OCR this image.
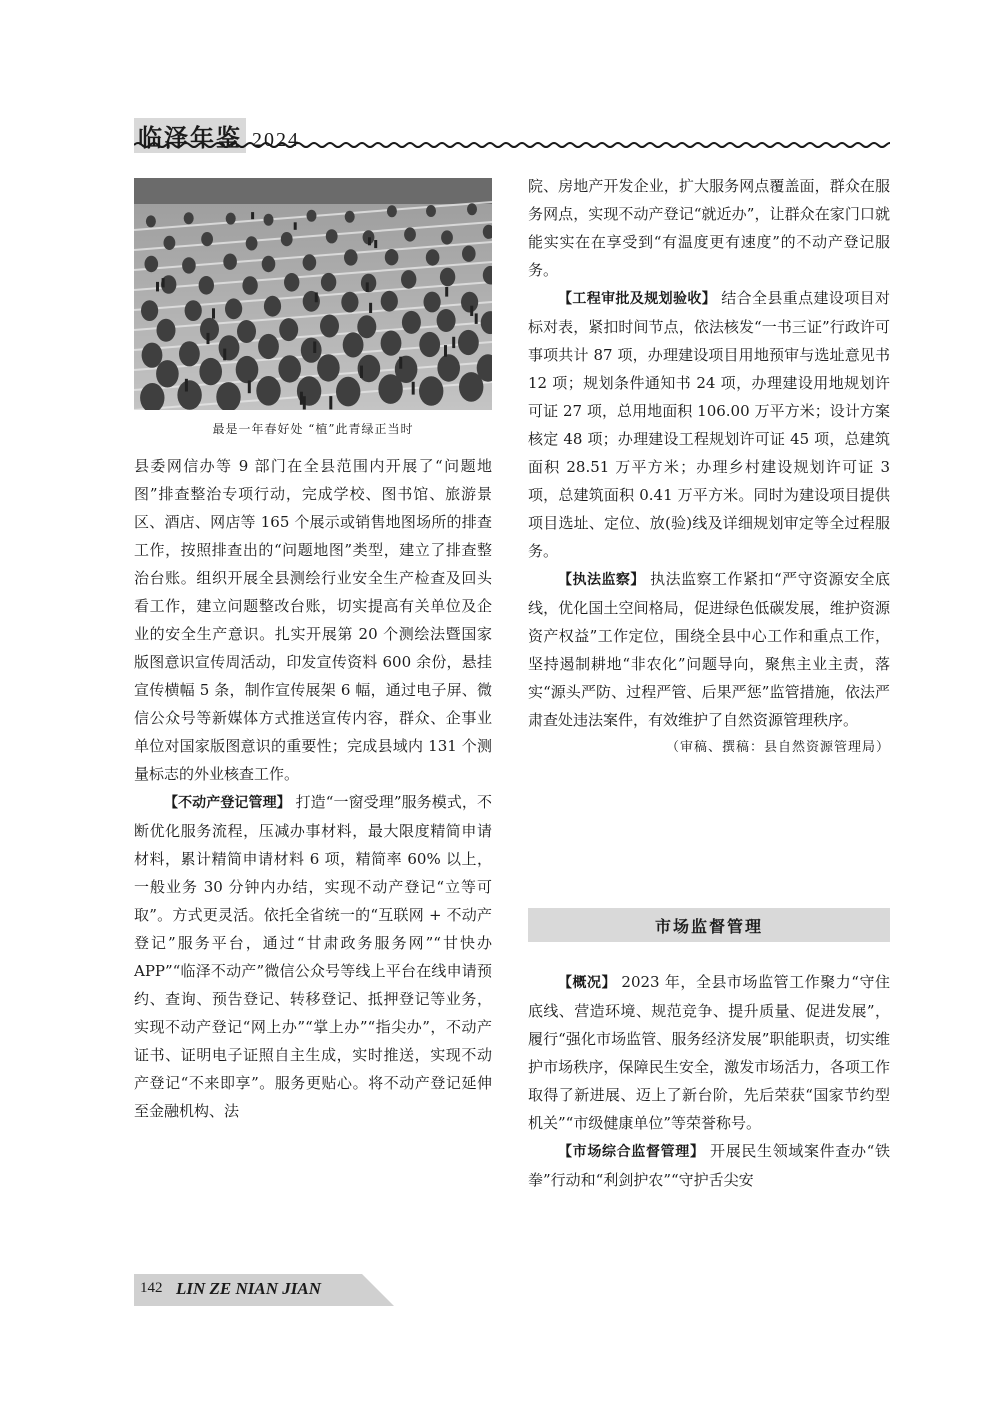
临泽年鉴 2024
最是一年春好处 “植”此青绿正当时

县委网信办等 9 部门在全县范围内开展了“问题地图”排查整治专项行动，完成学校、图书馆、旅游景区、酒店、网店等 165 个展示或销售地图场所的排查工作，按照排查出的“问题地图”类型，建立了排查整治台账。组织开展全县测绘行业安全生产检查及回头看工作，建立问题整改台账，切实提高有关单位及企业的安全生产意识。扎实开展第 20 个测绘法暨国家版图意识宣传周活动，印发宣传资料 600 余份，悬挂宣传横幅 5 条，制作宣传展架 6 幅，通过电子屏、微信公众号等新媒体方式推送宣传内容，群众、企事业单位对国家版图意识的重要性；完成县域内 131 个测量标志的外业核查工作。

【不动产登记管理】 打造“一窗受理”服务模式，不断优化服务流程，压减办事材料，最大限度精简申请材料，累计精简申请材料 6 项，精简率 60% 以上，一般业务 30 分钟内办结，实现不动产登记“立等可取”。方式更灵活。依托全省统一的“互联网 + 不动产登记”服务平台，通过“甘肃政务服务网”“甘快办 APP”“临泽不动产”微信公众号等线上平台在线申请预约、查询、预告登记、转移登记、抵押登记等业务，实现不动产登记“网上办”“掌上办”“指尖办”，不动产证书、证明电子证照自主生成，实时推送，实现不动产登记“不来即享”。服务更贴心。将不动产登记延伸至金融机构、法

院、房地产开发企业，扩大服务网点覆盖面，群众在服务网点，实现不动产登记“就近办”，让群众在家门口就能实实在在享受到“有温度更有速度”的不动产登记服务。

【工程审批及规划验收】 结合全县重点建设项目对标对表，紧扣时间节点，依法核发“一书三证”行政许可事项共计 87 项，办理建设项目用地预审与选址意见书 12 项；规划条件通知书 24 项，办理建设用地规划许可证 27 项，总用地面积 106.00 万平方米；设计方案核定 48 项；办理建设工程规划许可证 45 项，总建筑面积 28.51 万平方米；办理乡村建设规划许可证 3 项，总建筑面积 0.41 万平方米。同时为建设项目提供项目选址、定位、放(验)线及详细规划审定等全过程服务。

【执法监察】 执法监察工作紧扣“严守资源安全底线，优化国土空间格局，促进绿色低碳发展，维护资源资产权益”工作定位，围绕全县中心工作和重点工作，坚持遏制耕地“非农化”问题导向，聚焦主业主责，落实“源头严防、过程严管、后果严惩”监管措施，依法严肃查处违法案件，有效维护了自然资源管理秩序。

（审稿、撰稿：县自然资源管理局）
市场监督管理

【概况】 2023 年，全县市场监管工作聚力“守住底线、营造环境、规范竞争、提升质量、促进发展”，履行“强化市场监管、服务经济发展”职能职责，切实维护市场秩序，保障民生安全，激发市场活力，各项工作取得了新进展、迈上了新台阶，先后荣获“国家节约型机关”“市级健康单位”等荣誉称号。

【市场综合监督管理】 开展民生领域案件查办“铁拳”行动和“利剑护农”“守护舌尖安

142 LIN ZE NIAN JIAN
